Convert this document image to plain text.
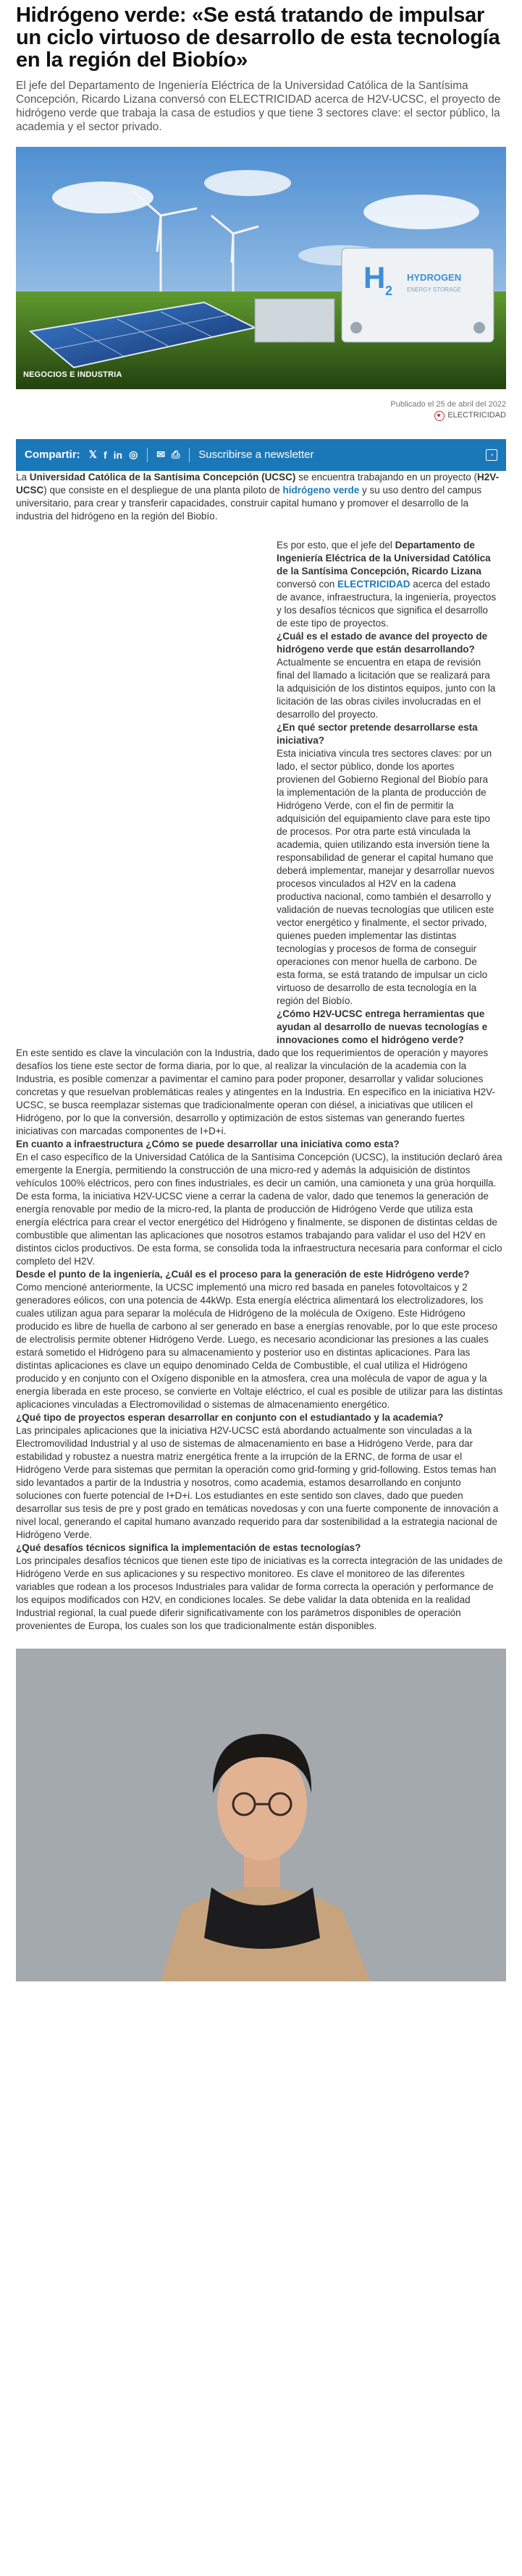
Hidrógeno verde: «Se está tratando de impulsar un ciclo virtuoso de desarrollo de esta tecnología en la región del Biobío»

El jefe del Departamento de Ingeniería Eléctrica de la Universidad Católica de la Santísima Concepción, Ricardo Lizana conversó con ELECTRICIDAD acerca de H2V-UCSC, el proyecto de hidrógeno verde que trabaja la casa de estudios y que tiene 3 sectores clave: el sector público, la academia y el sector privado.

H 2
HYDROGEN
ENERGY STORAGE
NEGOCIOS E INDUSTRIA
Publicado el 25 de abril del 2022
ELECTRICIDAD
Compartir: 𝕏 f in ◎ ✉ ⎙ Suscribirse a newsletter	◔

La Universidad Católica de la Santísima Concepción (UCSC) se encuentra trabajando en un proyecto (H2V-UCSC) que consiste en el despliegue de una planta piloto de hidrógeno verde y su uso dentro del campus universitario, para crear y transferir capacidades, construir capital humano y promover el desarrollo de la industria del hidrógeno en la región del Biobío.

Es por esto, que el jefe del Departamento de Ingeniería Eléctrica de la Universidad Católica de la Santísima Concepción, Ricardo Lizana conversó con ELECTRICIDAD acerca del estado de avance, infraestructura, la ingeniería, proyectos y los desafíos técnicos que significa el desarrollo de este tipo de proyectos.

¿Cuál es el estado de avance del proyecto de hidrógeno verde que están desarrollando?

Actualmente se encuentra en etapa de revisión final del llamado a licitación que se realizará para la adquisición de los distintos equipos, junto con la licitación de las obras civiles involucradas en el desarrollo del proyecto.

¿En qué sector pretende desarrollarse esta iniciativa?

Esta iniciativa vincula tres sectores claves: por un lado, el sector público, donde los aportes provienen del Gobierno Regional del Biobío para la implementación de la planta de producción de Hidrógeno Verde, con el fin de permitir la adquisición del equipamiento clave para este tipo de procesos. Por otra parte está vinculada la academia, quien utilizando esta inversión tiene la responsabilidad de generar el capital humano que deberá implementar, manejar y desarrollar nuevos procesos vinculados al H2V en la cadena productiva nacional, como también el desarrollo y validación de nuevas tecnologías que utilicen este vector energético y finalmente, el sector privado, quienes pueden implementar las distintas tecnologías y procesos de forma de conseguir operaciones con menor huella de carbono. De esta forma, se está tratando de impulsar un ciclo virtuoso de desarrollo de esta tecnología en la región del Biobío.

¿Cómo H2V-UCSC entrega herramientas que ayudan al desarrollo de nuevas tecnologías e innovaciones como el hidrógeno verde?

En este sentido es clave la vinculación con la Industria, dado que los requerimientos de operación y mayores desafíos los tiene este sector de forma diaria, por lo que, al realizar la vinculación de la academia con la Industria, es posible comenzar a pavimentar el camino para poder proponer, desarrollar y validar soluciones concretas y que resuelvan problemáticas reales y atingentes en la Industria. En específico en la iniciativa H2V-UCSC, se busca reemplazar sistemas que tradicionalmente operan con diésel, a iniciativas que utilicen el Hidrógeno, por lo que la conversión, desarrollo y optimización de estos sistemas van generando fuertes iniciativas con marcadas componentes de I+D+i.

En cuanto a infraestructura ¿Cómo se puede desarrollar una iniciativa como esta?

En el caso específico de la Universidad Católica de la Santísima Concepción (UCSC), la institución declaró área emergente la Energía, permitiendo la construcción de una micro-red y además la adquisición de distintos vehículos 100% eléctricos, pero con fines industriales, es decir un camión, una camioneta y una grúa horquilla. De esta forma, la iniciativa H2V-UCSC viene a cerrar la cadena de valor, dado que tenemos la generación de energía renovable por medio de la micro-red, la planta de producción de Hidrógeno Verde que utiliza esta energía eléctrica para crear el vector energético del Hidrógeno y finalmente, se disponen de distintas celdas de combustible que alimentan las aplicaciones que nosotros estamos trabajando para validar el uso del H2V en distintos ciclos productivos. De esta forma, se consolida toda la infraestructura necesaria para conformar el ciclo completo del H2V.

Desde el punto de la ingeniería, ¿Cuál es el proceso para la generación de este Hidrógeno verde?

Como mencioné anteriormente, la UCSC implementó una micro red basada en paneles fotovoltaicos y 2 generadores eólicos, con una potencia de 44kWp. Esta energía eléctrica alimentará los electrolizadores, los cuales utilizan agua para separar la molécula de Hidrógeno de la molécula de Oxígeno. Este Hidrógeno producido es libre de huella de carbono al ser generado en base a energías renovable, por lo que este proceso de electrolisis permite obtener Hidrógeno Verde. Luego, es necesario acondicionar las presiones a las cuales estará sometido el Hidrógeno para su almacenamiento y posterior uso en distintas aplicaciones. Para las distintas aplicaciones es clave un equipo denominado Celda de Combustible, el cual utiliza el Hidrógeno producido y en conjunto con el Oxígeno disponible en la atmosfera, crea una molécula de vapor de agua y la energía liberada en este proceso, se convierte en Voltaje eléctrico, el cual es posible de utilizar para las distintas aplicaciones vinculadas a Electromovilidad o sistemas de almacenamiento energético.

¿Qué tipo de proyectos esperan desarrollar en conjunto con el estudiantado y la academia?

Las principales aplicaciones que la iniciativa H2V-UCSC está abordando actualmente son vinculadas a la Electromovilidad Industrial y al uso de sistemas de almacenamiento en base a Hidrógeno Verde, para dar estabilidad y robustez a nuestra matriz energética frente a la irrupción de la ERNC, de forma de usar el Hidrógeno Verde para sistemas que permitan la operación como grid-forming y grid-following. Estos temas han sido levantados a partir de la Industria y nosotros, como academia, estamos desarrollando en conjunto soluciones con fuerte potencial de I+D+i. Los estudiantes en este sentido son claves, dado que pueden desarrollar sus tesis de pre y post grado en temáticas novedosas y con una fuerte componente de innovación a nivel local, generando el capital humano avanzado requerido para dar sostenibilidad a la estrategia nacional de Hidrógeno Verde.

¿Qué desafíos técnicos significa la implementación de estas tecnologías?

Los principales desafíos técnicos que tienen este tipo de iniciativas es la correcta integración de las unidades de Hidrógeno Verde en sus aplicaciones y su respectivo monitoreo. Es clave el monitoreo de las diferentes variables que rodean a los procesos Industriales para validar de forma correcta la operación y performance de los equipos modificados con H2V, en condiciones locales. Se debe validar la data obtenida en la realidad Industrial regional, la cual puede diferir significativamente con los parámetros disponibles de operación provenientes de Europa, los cuales son los que tradicionalmente están disponibles.
